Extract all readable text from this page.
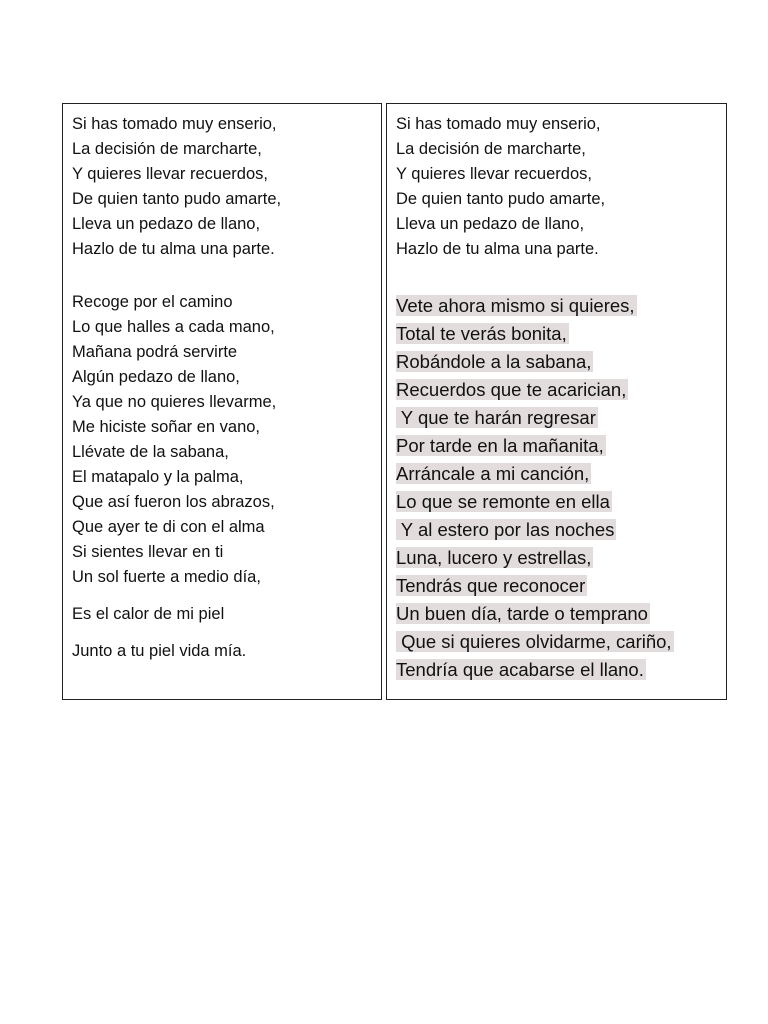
Si has tomado muy enserio,
La decisión de marcharte,
Y quieres llevar recuerdos,
De quien tanto pudo amarte,
Lleva un pedazo de llano,
Hazlo de tu alma una parte.
Recoge por el camino
Lo que halles a cada mano,
Mañana podrá servirte
Algún pedazo de llano,
Ya que no quieres llevarme,
Me hiciste soñar en vano,
Llévate de la sabana,
El matapalo y la palma,
Que así fueron los abrazos,
Que ayer te di con el alma
Si sientes llevar en ti
Un sol fuerte a medio día,
Es el calor de mi piel
Junto a tu piel vida mía.
Si has tomado muy enserio,
La decisión de marcharte,
Y quieres llevar recuerdos,
De quien tanto pudo amarte,
Lleva un pedazo de llano,
Hazlo de tu alma una parte.
Vete ahora mismo si quieres,
Total te verás bonita,
Robándole a la sabana,
Recuerdos que te acarician,
Y que te harán regresar
Por tarde en la mañanita,
Arráncale a mi canción,
Lo que se remonte en ella
Y al estero por las noches
Luna, lucero y estrellas,
Tendrás que reconocer
Un buen día, tarde o temprano
Que si quieres olvidarme, cariño,
Tendría que acabarse el llano.
